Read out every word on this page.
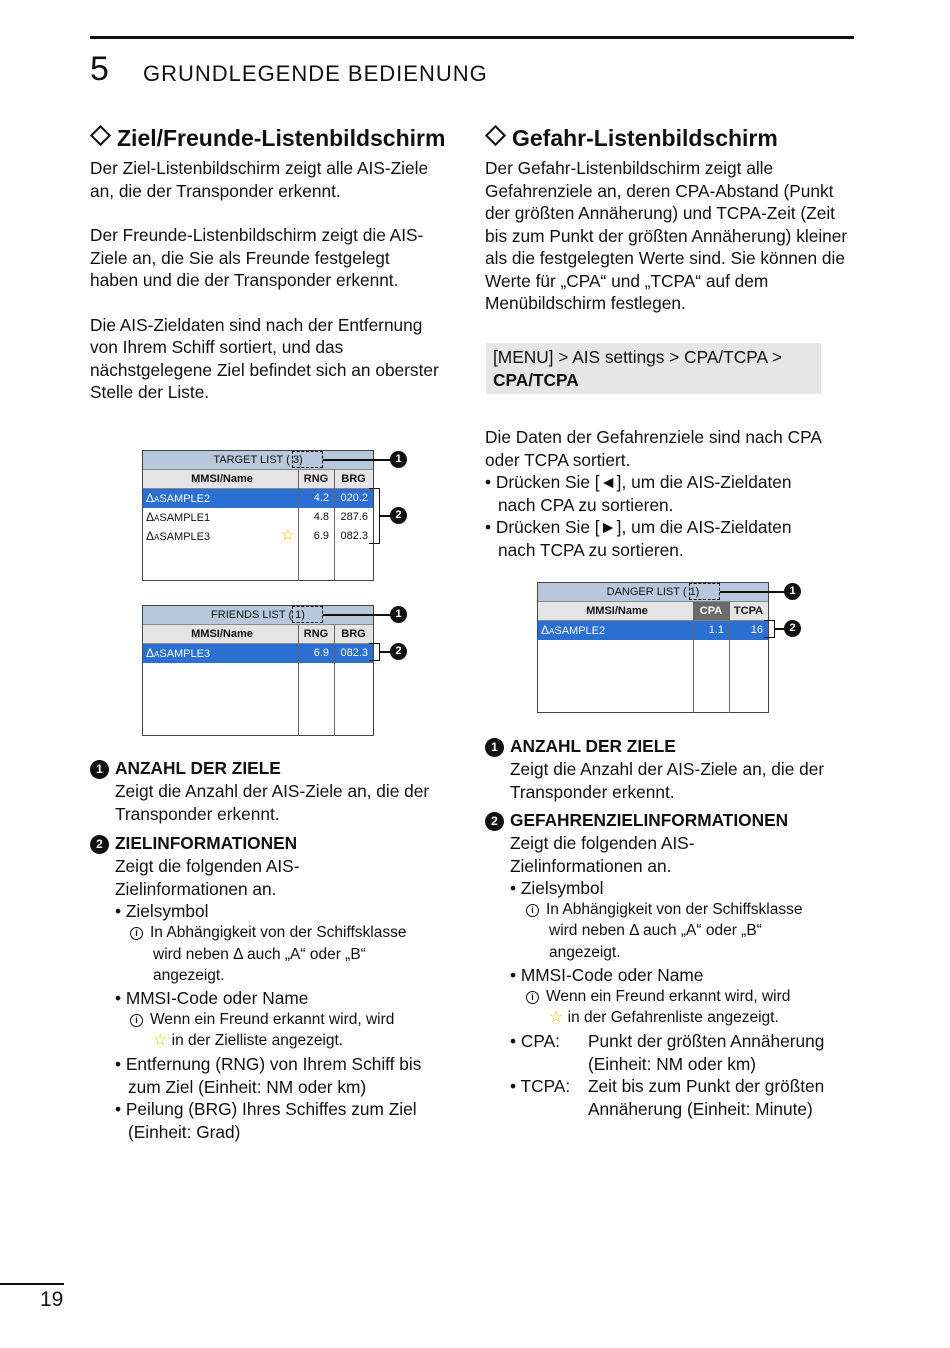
5 GRUNDLEGENDE BEDIENUNG
Ziel/Freunde-Listenbildschirm

Der Ziel-Listenbildschirm zeigt alle AIS-Ziele an, die der Transponder erkennt.

Der Freunde-Listenbildschirm zeigt die AIS-Ziele an, die Sie als Freunde festgelegt haben und die der Transponder erkennt.

Die AIS-Zieldaten sind nach der Entfernung von Ihrem Schiff sortiert, und das nächstgelegene Ziel befindet sich an oberster Stelle der Liste.

TARGET LIST ( 3)
MMSI/Name	RNG	BRG
ΔASAMPLE2	4.2	020.2
ΔASAMPLE1	4.8	287.6
ΔASAMPLE3	☆	6.9	082.3
1
2
FRIENDS LIST ( 1)
MMSI/Name	RNG	BRG
ΔASAMPLE3	6.9	082.3
1
2
1 ANZAHL DER ZIELE
Zeigt die Anzahl der AIS-Ziele an, die der Transponder erkennt.
2 ZIELINFORMATIONEN
Zeigt die folgenden AIS-Zielinformationen an.
• Zielsymbol
i In Abhängigkeit von der Schiffsklasse
wird neben Δ auch „A“ oder „B“
angezeigt.
• MMSI-Code oder Name
i Wenn ein Freund erkannt wird, wird
☆ in der Zielliste angezeigt.
• Entfernung (RNG) von Ihrem Schiff bis
zum Ziel (Einheit: NM oder km)
• Peilung (BRG) Ihres Schiffes zum Ziel
(Einheit: Grad)
Gefahr-Listenbildschirm
Der Gefahr-Listenbildschirm zeigt alle Gefahrenziele an, deren CPA-Abstand (Punkt der größten Annäherung) und TCPA-Zeit (Zeit bis zum Punkt der größten Annäherung) kleiner als die festgelegten Werte sind. Sie können die Werte für „CPA“ und „TCPA“ auf dem Menübildschirm festlegen.
[MENU] > AIS settings > CPA/TCPA >
CPA/TCPA
Die Daten der Gefahrenziele sind nach CPA oder TCPA sortiert.
• Drücken Sie [◄], um die AIS-Zieldaten
nach CPA zu sortieren.
• Drücken Sie [►], um die AIS-Zieldaten
nach TCPA zu sortieren.
DANGER LIST ( 1)
MMSI/Name	CPA	TCPA
ΔASAMPLE2	1.1	16
1
2
1 ANZAHL DER ZIELE
Zeigt die Anzahl der AIS-Ziele an, die der Transponder erkennt.
2 GEFAHRENZIELINFORMATIONEN
Zeigt die folgenden AIS-Zielinformationen an.
• Zielsymbol
i In Abhängigkeit von der Schiffsklasse
wird neben Δ auch „A“ oder „B“
angezeigt.
• MMSI-Code oder Name
i Wenn ein Freund erkannt wird, wird
☆ in der Gefahrenliste angezeigt.
• CPA: Punkt der größten Annäherung
(Einheit: NM oder km)
• TCPA: Zeit bis zum Punkt der größten
Annäherung (Einheit: Minute)
19
